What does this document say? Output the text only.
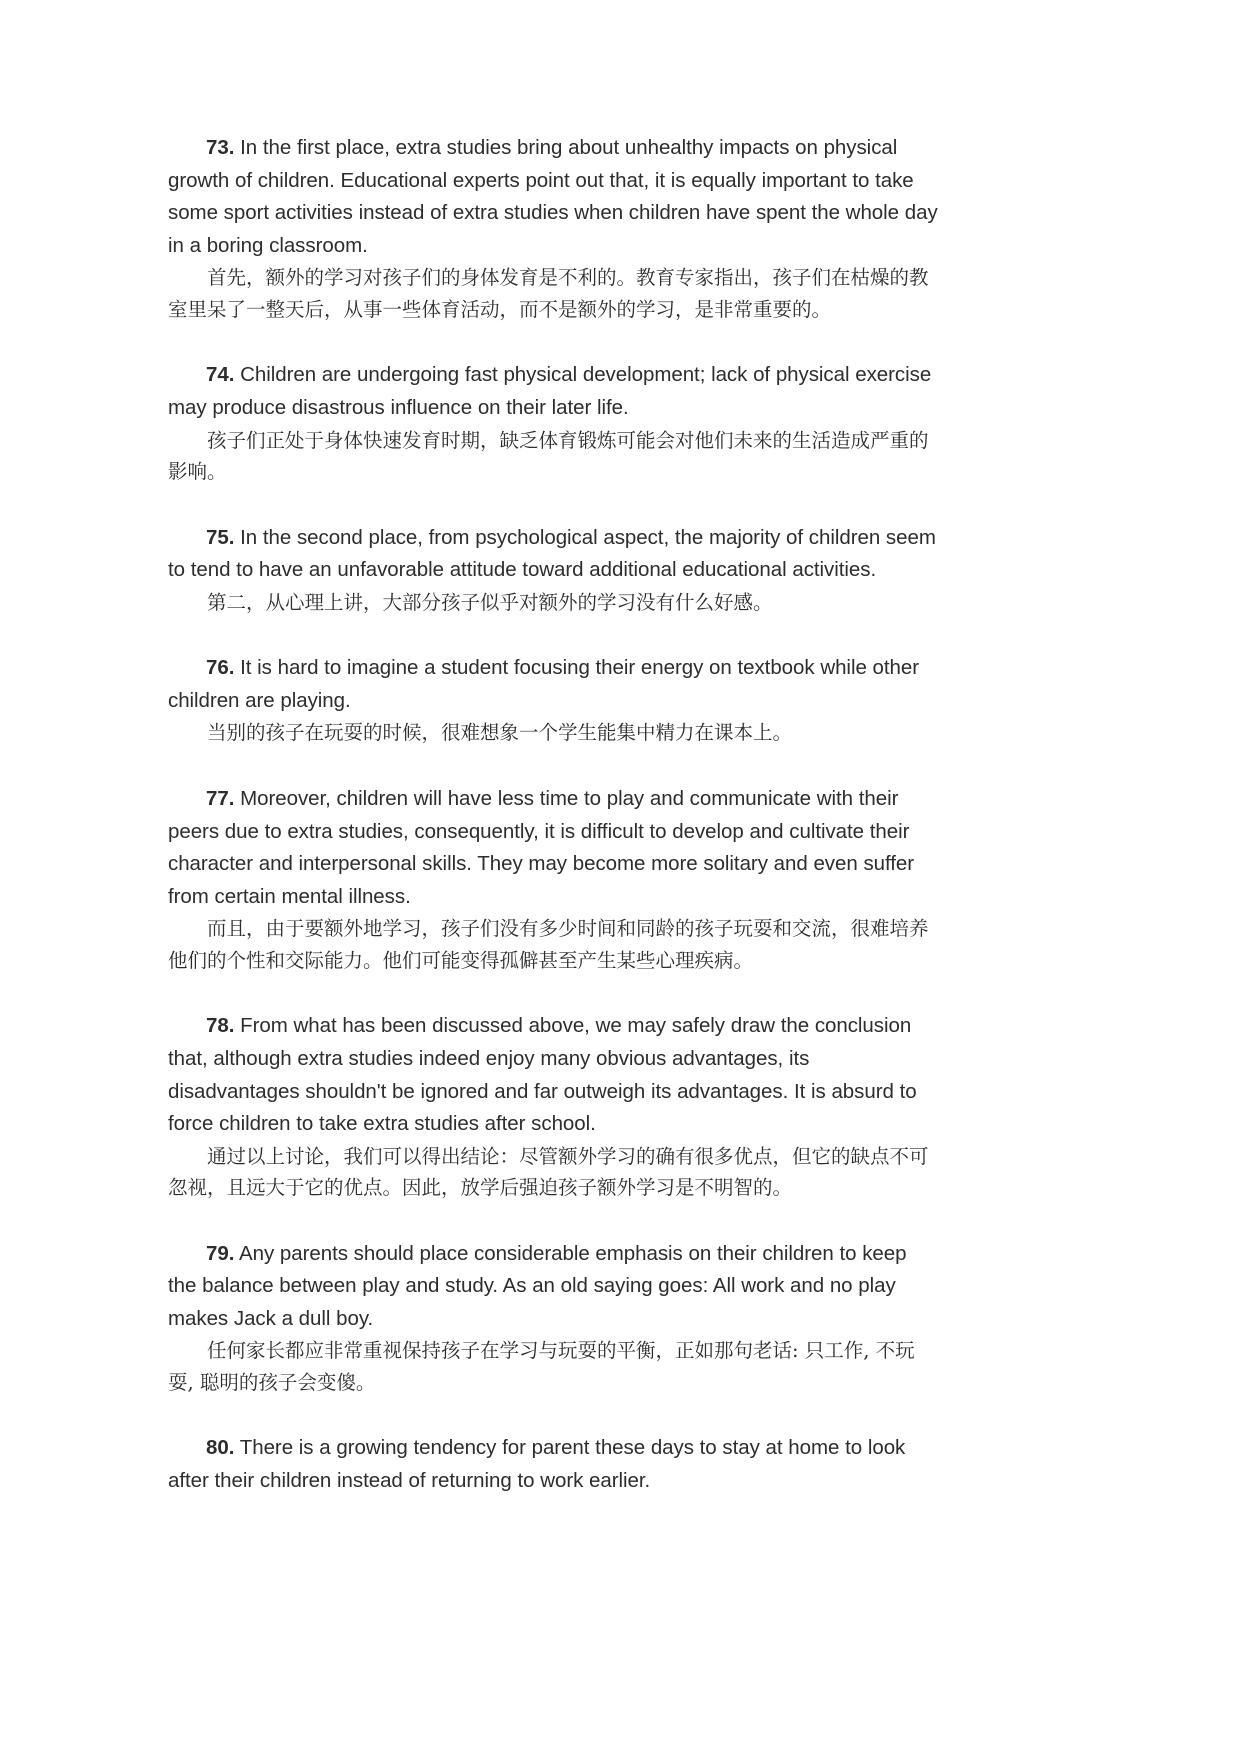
73. In the first place, extra studies bring about unhealthy impacts on physical growth of children. Educational experts point out that, it is equally important to take some sport activities instead of extra studies when children have spent the whole day in a boring classroom.

首先，额外的学习对孩子们的身体发育是不利的。教育专家指出，孩子们在枯燥的教室里呆了一整天后，从事一些体育活动，而不是额外的学习，是非常重要的。

74. Children are undergoing fast physical development; lack of physical exercise may produce disastrous influence on their later life.

孩子们正处于身体快速发育时期，缺乏体育锻炼可能会对他们未来的生活造成严重的影响。

75. In the second place, from psychological aspect, the majority of children seem to tend to have an unfavorable attitude toward additional educational activities.

第二，从心理上讲，大部分孩子似乎对额外的学习没有什么好感。

76. It is hard to imagine a student focusing their energy on textbook while other children are playing.

当别的孩子在玩耍的时候，很难想象一个学生能集中精力在课本上。

77. Moreover, children will have less time to play and communicate with their peers due to extra studies, consequently, it is difficult to develop and cultivate their character and interpersonal skills. They may become more solitary and even suffer from certain mental illness.

而且，由于要额外地学习，孩子们没有多少时间和同龄的孩子玩耍和交流，很难培养他们的个性和交际能力。他们可能变得孤僻甚至产生某些心理疾病。

78. From what has been discussed above, we may safely draw the conclusion that, although extra studies indeed enjoy many obvious advantages, its disadvantages shouldn't be ignored and far outweigh its advantages. It is absurd to force children to take extra studies after school.

通过以上讨论，我们可以得出结论：尽管额外学习的确有很多优点，但它的缺点不可忽视，且远大于它的优点。因此，放学后强迫孩子额外学习是不明智的。

79. Any parents should place considerable emphasis on their children to keep the balance between play and study. As an old saying goes: All work and no play makes Jack a dull boy.

任何家长都应非常重视保持孩子在学习与玩耍的平衡，正如那句老话: 只工作, 不玩耍, 聪明的孩子会变傻。

80. There is a growing tendency for parent these days to stay at home to look after their children instead of returning to work earlier.
